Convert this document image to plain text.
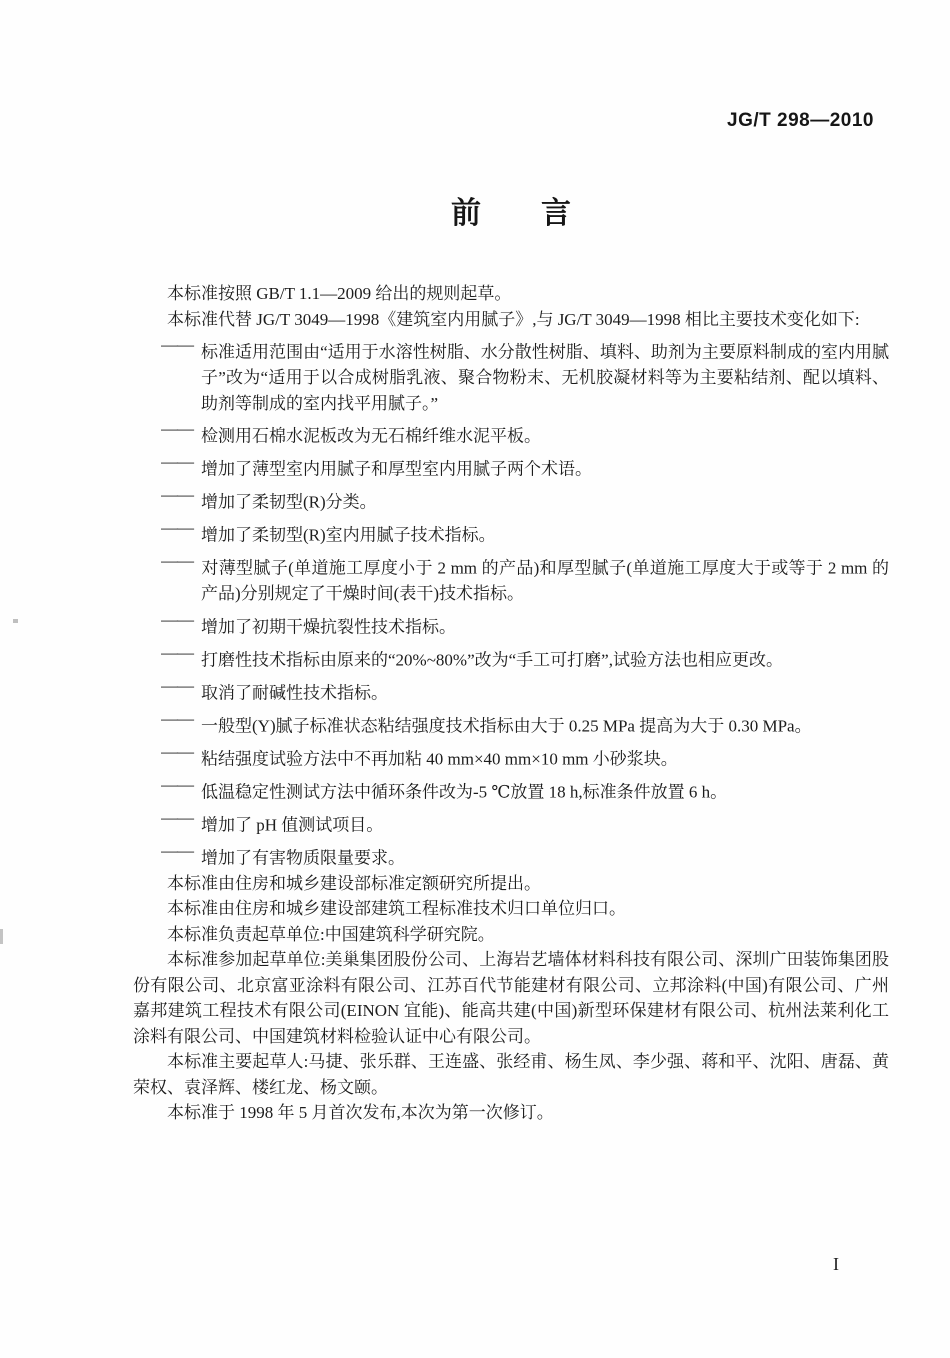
JG/T 298—2010
前　　言

本标准按照 GB/T 1.1—2009 给出的规则起草。

本标准代替 JG/T 3049—1998《建筑室内用腻子》,与 JG/T 3049—1998 相比主要技术变化如下:

—— 标准适用范围由“适用于水溶性树脂、水分散性树脂、填料、助剂为主要原料制成的室内用腻子”改为“适用于以合成树脂乳液、聚合物粉末、无机胶凝材料等为主要粘结剂、配以填料、助剂等制成的室内找平用腻子。”
—— 检测用石棉水泥板改为无石棉纤维水泥平板。
—— 增加了薄型室内用腻子和厚型室内用腻子两个术语。
—— 增加了柔韧型(R)分类。
—— 增加了柔韧型(R)室内用腻子技术指标。
—— 对薄型腻子(单道施工厚度小于 2 mm 的产品)和厚型腻子(单道施工厚度大于或等于 2 mm 的产品)分别规定了干燥时间(表干)技术指标。
—— 增加了初期干燥抗裂性技术指标。
—— 打磨性技术指标由原来的“20%~80%”改为“手工可打磨”,试验方法也相应更改。
—— 取消了耐碱性技术指标。
—— 一般型(Y)腻子标准状态粘结强度技术指标由大于 0.25 MPa 提高为大于 0.30 MPa。
—— 粘结强度试验方法中不再加粘 40 mm×40 mm×10 mm 小砂浆块。
—— 低温稳定性测试方法中循环条件改为-5 ℃放置 18 h,标准条件放置 6 h。
—— 增加了 pH 值测试项目。
—— 增加了有害物质限量要求。

本标准由住房和城乡建设部标准定额研究所提出。

本标准由住房和城乡建设部建筑工程标准技术归口单位归口。

本标准负责起草单位:中国建筑科学研究院。

本标准参加起草单位:美巢集团股份公司、上海岩艺墙体材料科技有限公司、深圳广田装饰集团股份有限公司、北京富亚涂料有限公司、江苏百代节能建材有限公司、立邦涂料(中国)有限公司、广州嘉邦建筑工程技术有限公司(EINON 宜能)、能高共建(中国)新型环保建材有限公司、杭州法莱利化工涂料有限公司、中国建筑材料检验认证中心有限公司。

本标准主要起草人:马捷、张乐群、王连盛、张经甫、杨生凤、李少强、蒋和平、沈阳、唐磊、黄荣权、袁泽辉、楼红龙、杨文颐。

本标准于 1998 年 5 月首次发布,本次为第一次修订。

I
